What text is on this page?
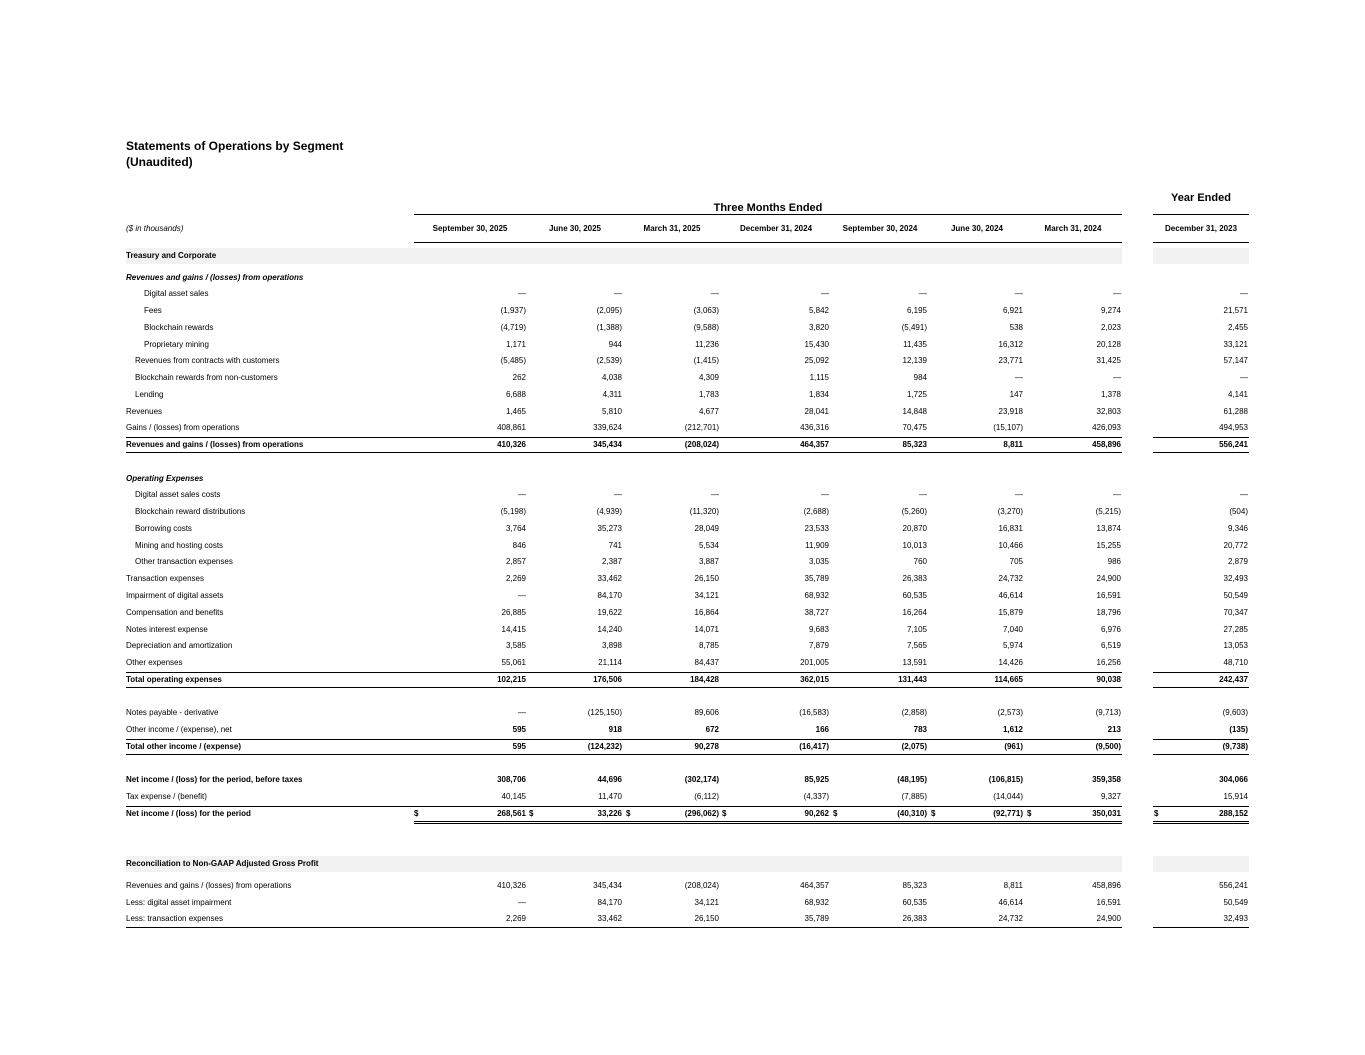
Statements of Operations by Segment
(Unaudited)
Three Months Ended
Year Ended
($ in thousands)	September 30, 2025	June 30, 2025	March 31, 2025	December 31, 2024	September 30, 2024	June 30, 2024	March 31, 2024	December 31, 2023
Treasury and Corporate
Revenues and gains / (losses) from operations
Digital asset sales	—	—	—	—	—	—	—	—
Fees	(1,937)	(2,095)	(3,063)	5,842	6,195	6,921	9,274	21,571
Blockchain rewards	(4,719)	(1,388)	(9,588)	3,820	(5,491)	538	2,023	2,455
Proprietary mining	1,171	944	11,236	15,430	11,435	16,312	20,128	33,121
Revenues from contracts with customers	(5,485)	(2,539)	(1,415)	25,092	12,139	23,771	31,425	57,147
Blockchain rewards from non-customers	262	4,038	4,309	1,115	984	—	—	—
Lending	6,688	4,311	1,783	1,834	1,725	147	1,378	4,141
Revenues	1,465	5,810	4,677	28,041	14,848	23,918	32,803	61,288
Gains / (losses) from operations	408,861	339,624	(212,701)	436,316	70,475	(15,107)	426,093	494,953
Revenues and gains / (losses) from operations	410,326	345,434	(208,024)	464,357	85,323	8,811	458,896	556,241
Operating Expenses
Digital asset sales costs	—	—	—	—	—	—	—	—
Blockchain reward distributions	(5,198)	(4,939)	(11,320)	(2,688)	(5,260)	(3,270)	(5,215)	(504)
Borrowing costs	3,764	35,273	28,049	23,533	20,870	16,831	13,874	9,346
Mining and hosting costs	846	741	5,534	11,909	10,013	10,466	15,255	20,772
Other transaction expenses	2,857	2,387	3,887	3,035	760	705	986	2,879
Transaction expenses	2,269	33,462	26,150	35,789	26,383	24,732	24,900	32,493
Impairment of digital assets	—	84,170	34,121	68,932	60,535	46,614	16,591	50,549
Compensation and benefits	26,885	19,622	16,864	38,727	16,264	15,879	18,796	70,347
Notes interest expense	14,415	14,240	14,071	9,683	7,105	7,040	6,976	27,285
Depreciation and amortization	3,585	3,898	8,785	7,879	7,565	5,974	6,519	13,053
Other expenses	55,061	21,114	84,437	201,005	13,591	14,426	16,256	48,710
Total operating expenses	102,215	176,506	184,428	362,015	131,443	114,665	90,038	242,437
Notes payable - derivative	—	(125,150)	89,606	(16,583)	(2,858)	(2,573)	(9,713)	(9,603)
Other income / (expense), net	595	918	672	166	783	1,612	213	(135)
Total other income / (expense)	595	(124,232)	90,278	(16,417)	(2,075)	(961)	(9,500)	(9,738)
Net income / (loss) for the period, before taxes	308,706	44,696	(302,174)	85,925	(48,195)	(106,815)	359,358	304,066
Tax expense / (benefit)	40,145	11,470	(6,112)	(4,337)	(7,885)	(14,044)	9,327	15,914
Net income / (loss) for the period	268,561	33,226	(296,062)	90,262	(40,310)	(92,771)	350,031	288,152
$	$	$	$	$	$	$	$
Reconciliation to Non-GAAP Adjusted Gross Profit
Revenues and gains / (losses) from operations	410,326	345,434	(208,024)	464,357	85,323	8,811	458,896	556,241
Less: digital asset impairment	—	84,170	34,121	68,932	60,535	46,614	16,591	50,549
Less: transaction expenses	2,269	33,462	26,150	35,789	26,383	24,732	24,900	32,493
